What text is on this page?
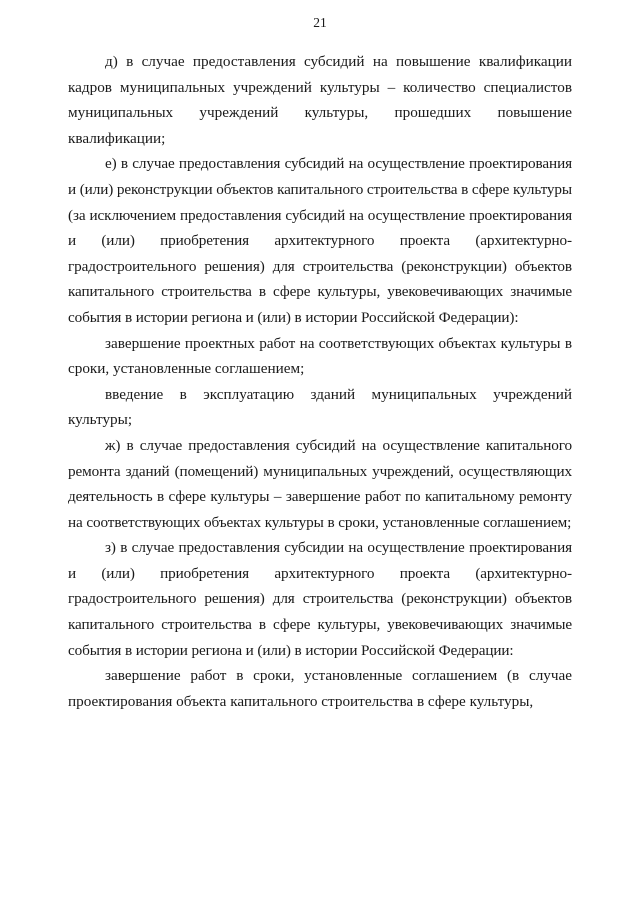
21

д) в случае предоставления субсидий на повышение квалификации кадров муниципальных учреждений культуры – количество специалистов муниципальных учреждений культуры, прошедших повышение квалификации;

е) в случае предоставления субсидий на осуществление проектирования и (или) реконструкции объектов капитального строительства в сфере культуры (за исключением предоставления субсидий на осуществление проектирования и (или) приобретения архитектурного проекта (архитектурно-градостроительного решения) для строительства (реконструкции) объектов капитального строительства в сфере культуры, увековечивающих значимые события в истории региона и (или) в истории Российской Федерации):

завершение проектных работ на соответствующих объектах культуры в сроки, установленные соглашением;

введение в эксплуатацию зданий муниципальных учреждений культуры;

ж) в случае предоставления субсидий на осуществление капитального ремонта зданий (помещений) муниципальных учреждений, осуществляющих деятельность в сфере культуры – завершение работ по капитальному ремонту на соответствующих объектах культуры в сроки, установленные соглашением;

з) в случае предоставления субсидии на осуществление проектирования и (или) приобретения архитектурного проекта (архитектурно-градостроительного решения) для строительства (реконструкции) объектов капитального строительства в сфере культуры, увековечивающих значимые события в истории региона и (или) в истории Российской Федерации:

завершение работ в сроки, установленные соглашением (в случае проектирования объекта капитального строительства в сфере культуры,
